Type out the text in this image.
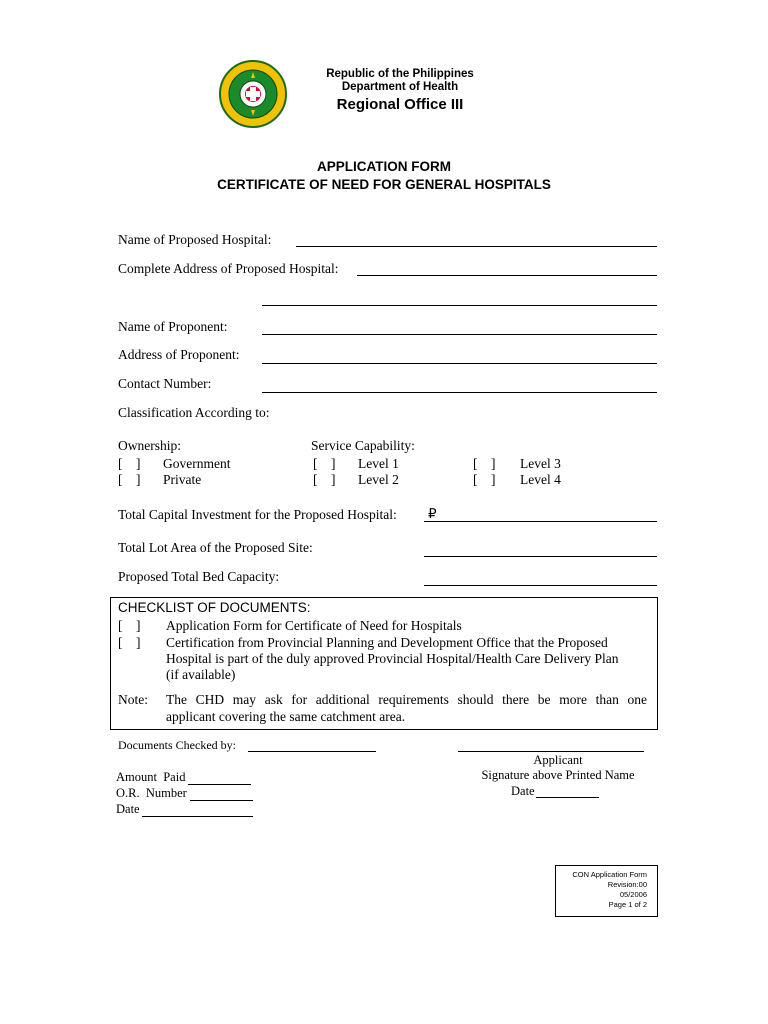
Republic of the Philippines
Department of Health
Regional Office III
APPLICATION FORM
CERTIFICATE OF NEED FOR GENERAL HOSPITALS
Name of Proposed Hospital:
Complete Address of Proposed Hospital:
Name of Proponent:
Address of Proponent:
Contact Number:
Classification According to:
Ownership:
[    ] Government
[    ] Private
Service Capability:
[    ] Level 1
[    ] Level 2
[    ] Level 3
[    ] Level 4
Total Capital Investment for the Proposed Hospital: ₽
Total Lot Area of the Proposed Site:
Proposed Total Bed Capacity:
CHECKLIST OF DOCUMENTS:
[    ] Application Form for Certificate of Need for Hospitals
[    ] Certification from Provincial Planning and Development Office that the Proposed
Hospital is part of the duly approved Provincial Hospital/Health Care Delivery Plan
(if available)
Note: The CHD may ask for additional requirements should there be more than one
applicant covering the same catchment area.
Documents Checked by:
Applicant
Signature above Printed Name
Date
Amount  Paid
O.R.  Number
Date
CON Application Form
Revision:00
05/2006
Page 1 of 2
